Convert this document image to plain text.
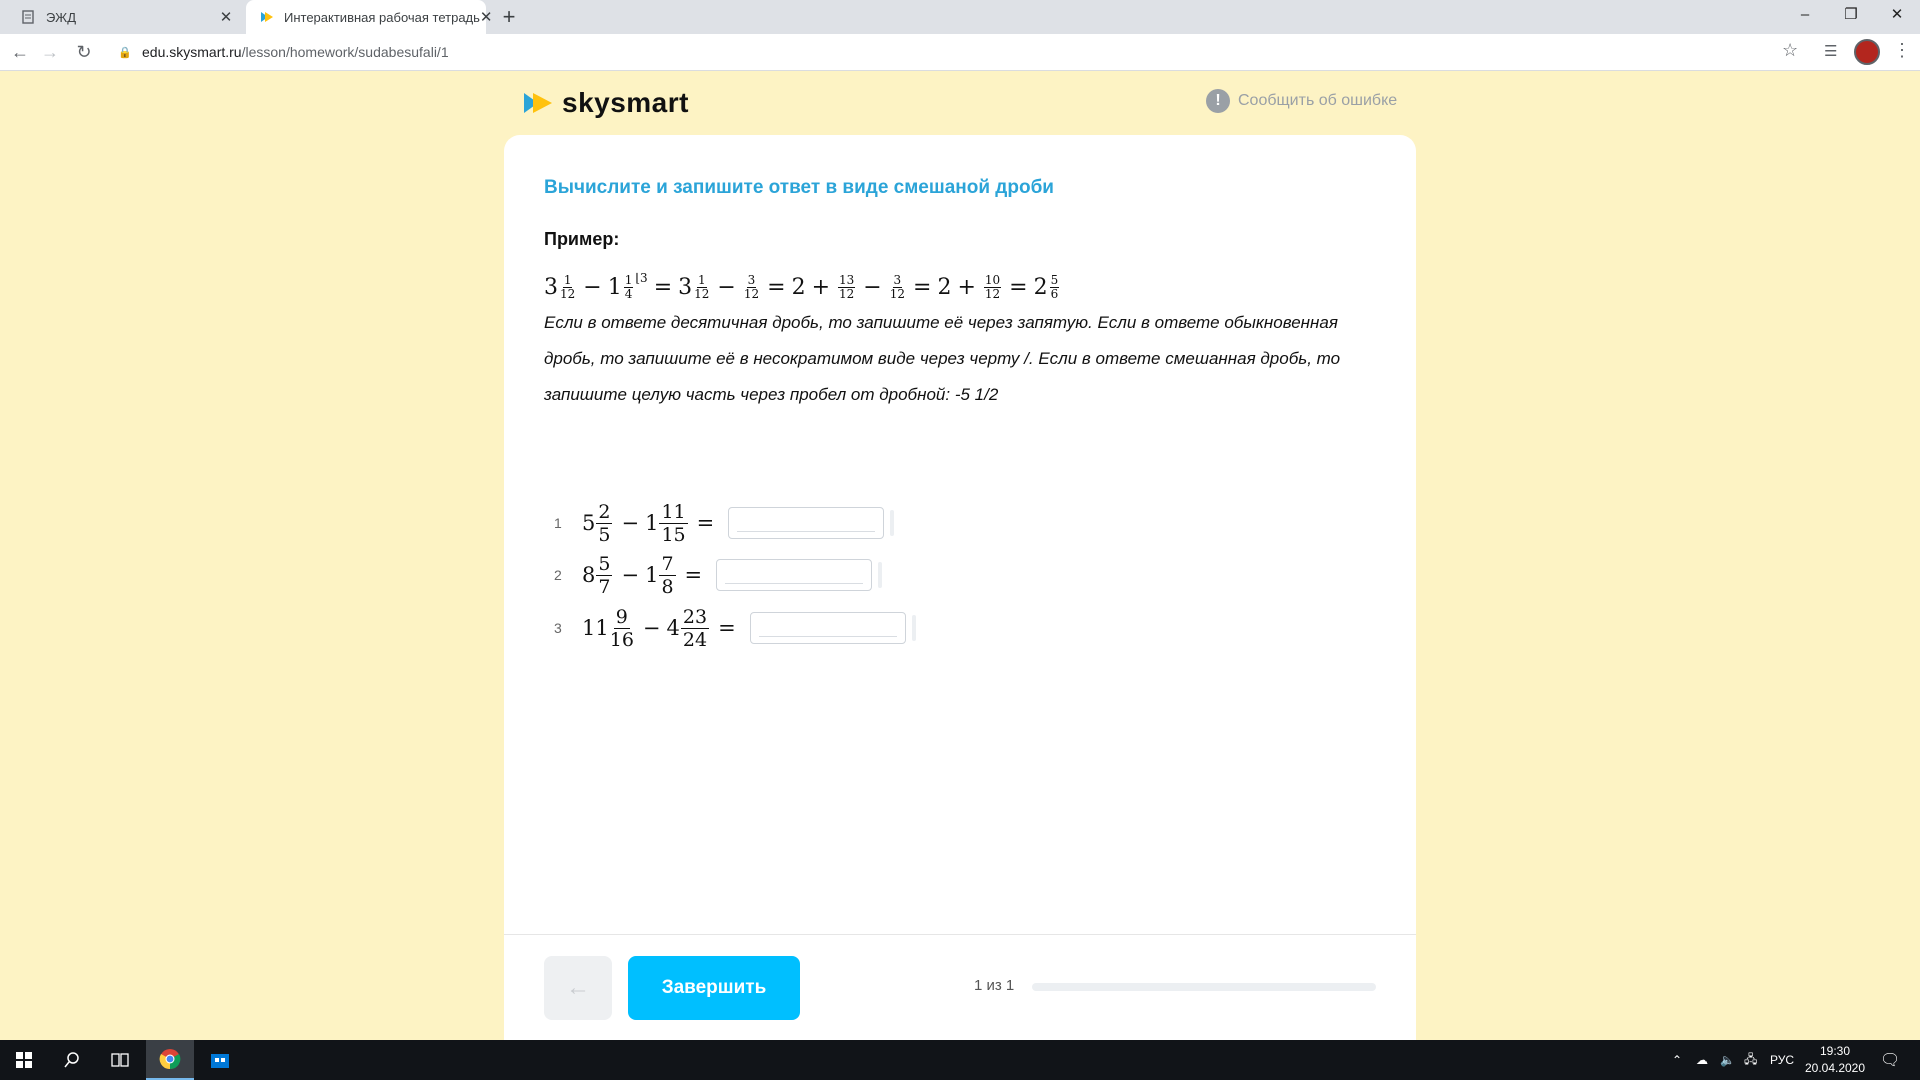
ЭЖД	✕	Интерактивная рабочая тетрадь ✕ +	–	❐	✕
← → ↻	🔒 edu.skysmart.ru/lesson/homework/sudabesufali/1	☆ ☰	⋮
skysmart	!	Сообщить об ошибке
Вычислите и запишите ответ в виде смешаной дроби
Пример:
$3 \frac{1}{12} - 1 \frac{1}{4}$ ⌊3 = $3 \frac{1}{12} - \frac{3}{12} = 2 + \frac{13}{12} - \frac{3}{12} = 2 + \frac{10}{12} = 2 \frac{5}{6}$
Если в ответе десятичная дробь, то запишите её через запятую. Если в ответе обыкновенная дробь, то запишите её в несократимом виде через черту /. Если в ответе смешанная дробь, то запишите целую часть через пробел от дробной: -5 1/2
1 $5 \frac{2}{5} - 1 \frac{11}{15}$ =
2 $8 \frac{5}{7} - 1 \frac{7}{8}$ =
3 $11 \frac{9}{16} - 4 \frac{23}{24}$ =
←	Завершить	1 из 1
⌃ ☁ 🔈 🖧 РУС
19:30
20.04.2020 🗨
